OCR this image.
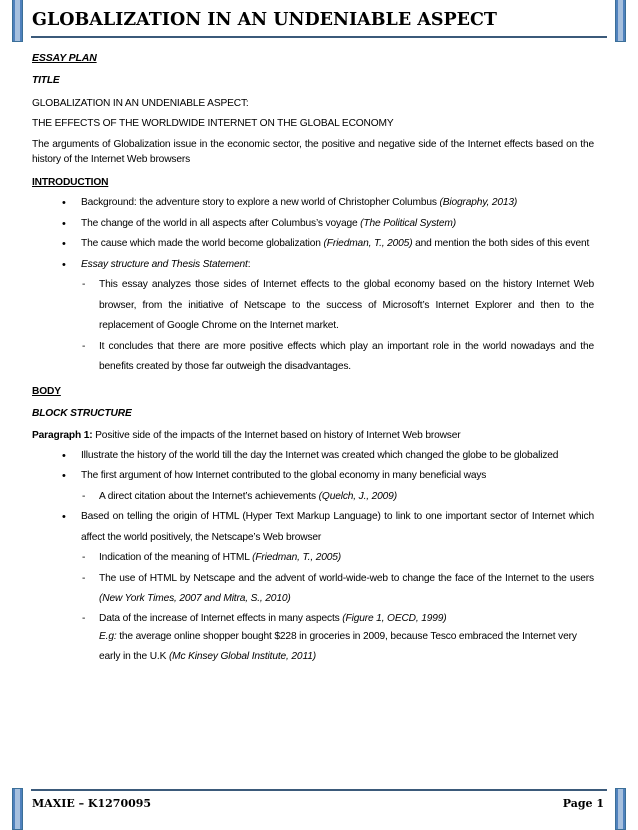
GLOBALIZATION IN AN UNDENIABLE ASPECT

ESSAY PLAN

TITLE

GLOBALIZATION IN AN UNDENIABLE ASPECT:

THE EFFECTS OF THE WORLDWIDE INTERNET ON THE GLOBAL ECONOMY

The arguments of Globalization issue in the economic sector, the positive and negative side of the Internet effects based on the history of the Internet Web browsers

INTRODUCTION

• Background: the adventure story to explore a new world of Christopher Columbus (Biography, 2013)
• The change of the world in all aspects after Columbus’s voyage (The Political System)
• The cause which made the world become globalization (Friedman, T., 2005) and mention the both sides of this event
• Essay structure and Thesis Statement:
- This essay analyzes those sides of Internet effects to the global economy based on the history Internet Web browser, from the initiative of Netscape to the success of Microsoft’s Internet Explorer and then to the replacement of Google Chrome on the Internet market.
- It concludes that there are more positive effects which play an important role in the world nowadays and the benefits created by those far outweigh the disadvantages.

BODY

BLOCK STRUCTURE

Paragraph 1: Positive side of the impacts of the Internet based on history of Internet Web browser

• Illustrate the history of the world till the day the Internet was created which changed the globe to be globalized
• The first argument of how Internet contributed to the global economy in many beneficial ways
- A direct citation about the Internet’s achievements (Quelch, J., 2009)
• Based on telling the origin of HTML (Hyper Text Markup Language) to link to one important sector of Internet which affect the world positively, the Netscape’s Web browser
- Indication of the meaning of HTML (Friedman, T., 2005)
- The use of HTML by Netscape and the advent of world-wide-web to change the face of the Internet to the users (New York Times, 2007 and Mitra, S., 2010)
- Data of the increase of Internet effects in many aspects (Figure 1, OECD, 1999)
E.g: the average online shopper bought $228 in groceries in 2009, because Tesco embraced the Internet very early in the U.K (Mc Kinsey Global Institute, 2011)
MAXIE – K1270095	Page 1
